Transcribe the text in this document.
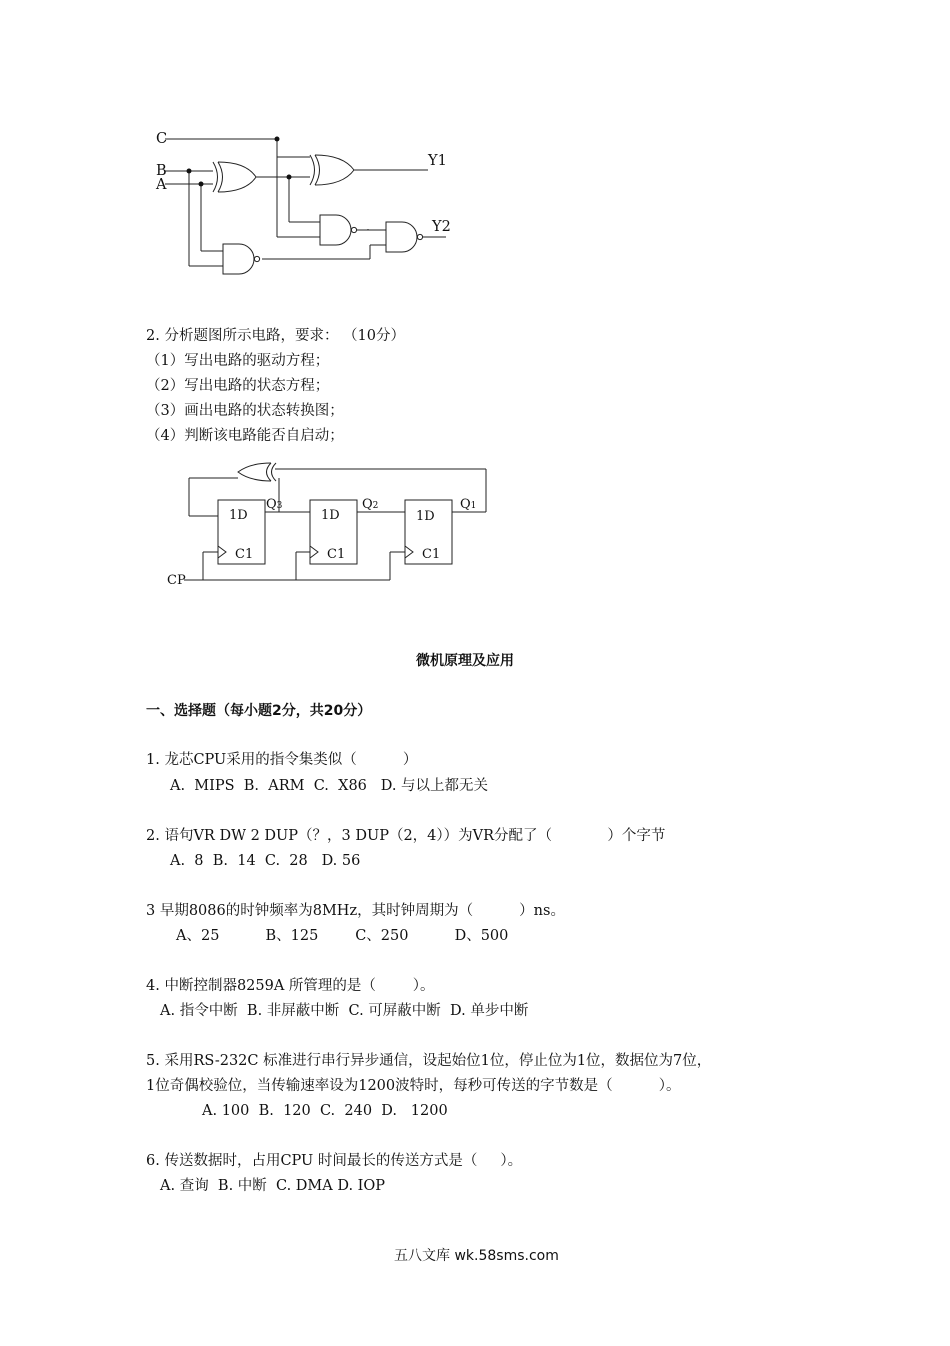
C
B
A
Y1
Y2
2. 分析题图所示电路，要求： （10分）
（1）写出电路的驱动方程；
（2）写出电路的状态方程；
（3）画出电路的状态转换图；
（4）判断该电路能否自启动；
1D
C1
1D
C1
1D
C1
Q3	Q2	Q1
CP
微机原理及应用
一、选择题（每小题2分，共20分）
1. 龙芯CPU采用的指令集类似（          ）
A.  MIPS  B.  ARM  C.  X86   D. 与以上都无关
2. 语句VR DW 2 DUP（？，3 DUP（2，4））为VR分配了（            ）个字节
A.  8  B.  14  C.  28   D. 56
3 早期8086的时钟频率为8MHz，其时钟周期为（          ）ns。
A、25          B、125        C、250          D、500
4. 中断控制器8259A 所管理的是（        ）。
A. 指令中断  B. 非屏蔽中断  C. 可屏蔽中断  D. 单步中断
5. 采用RS-232C 标准进行串行异步通信，设起始位1位，停止位为1位，数据位为7位，
1位奇偶校验位，当传输速率设为1200波特时，每秒可传送的字节数是（          ）。
A. 100  B.  120  C.  240  D.   1200
6. 传送数据时，占用CPU 时间最长的传送方式是（     ）。
A. 查询  B. 中断  C. DMA D. IOP
五八文库 wk.58sms.com
